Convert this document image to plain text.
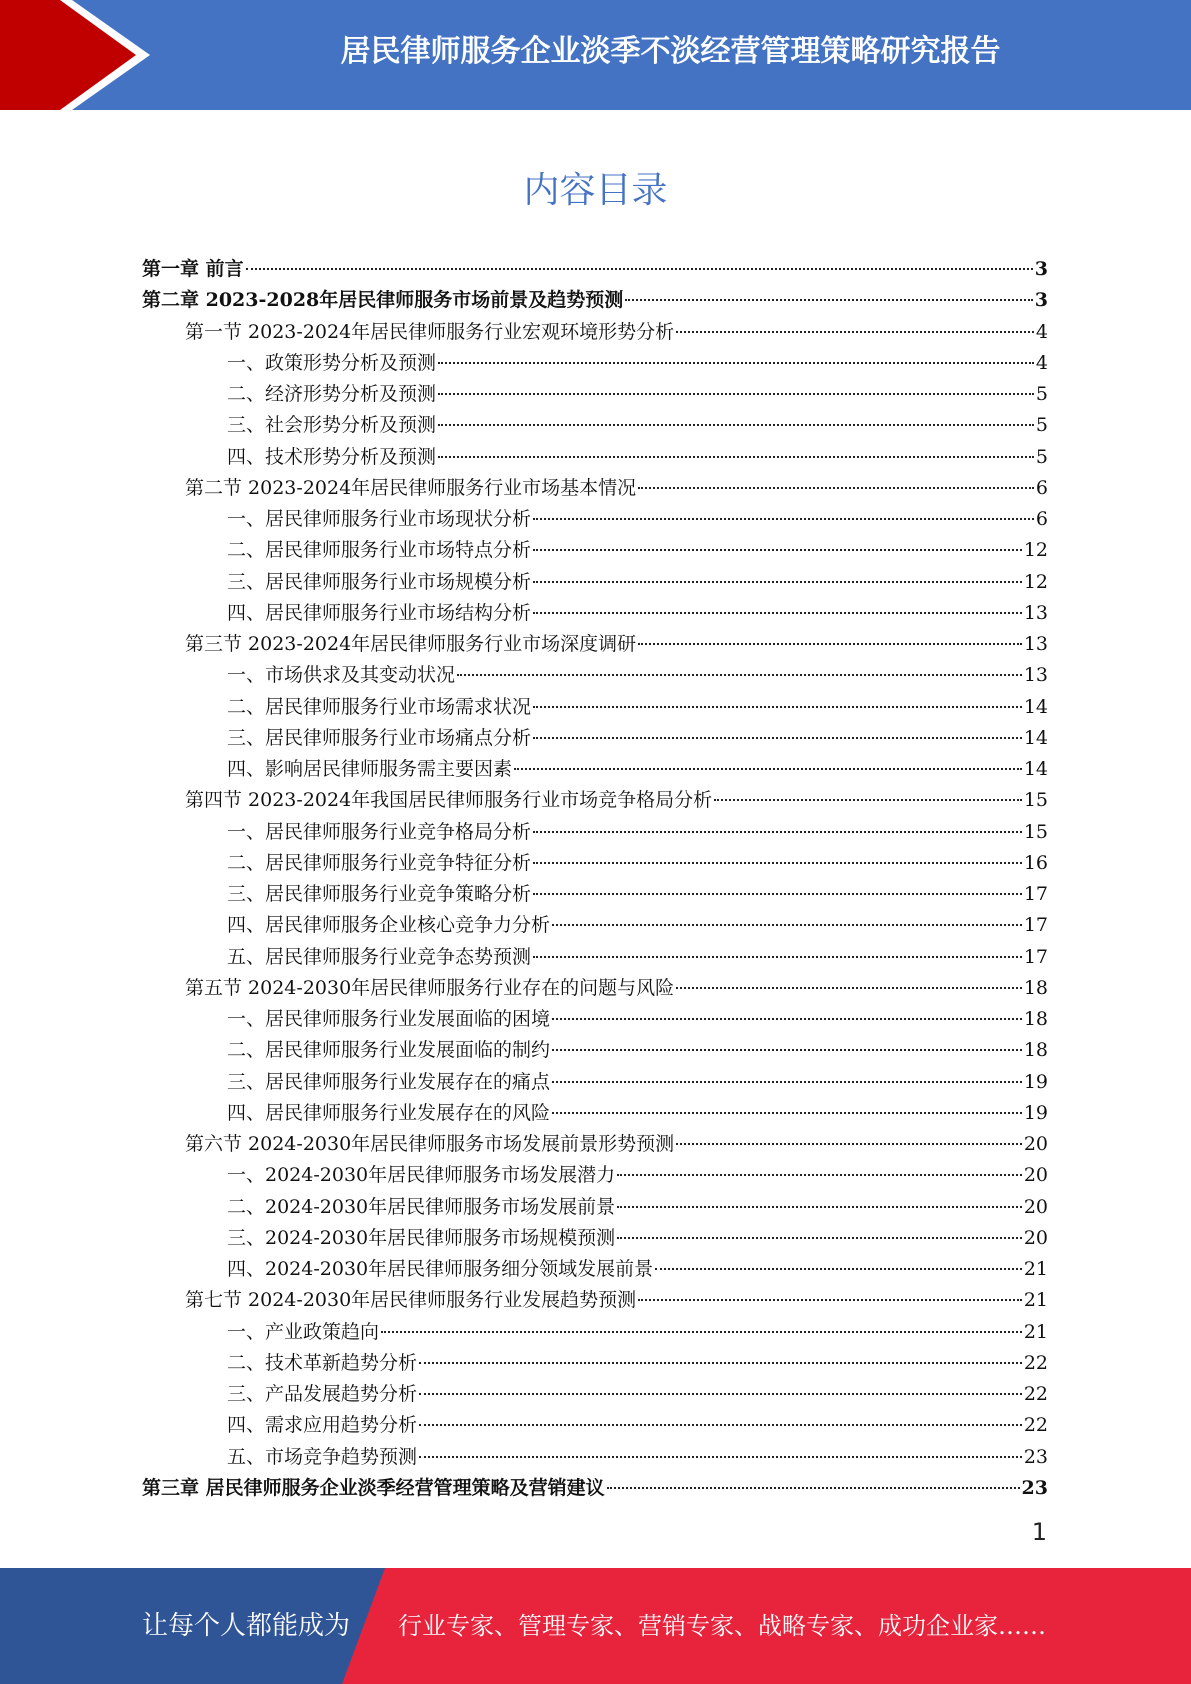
居民律师服务企业淡季不淡经营管理策略研究报告
内容目录
第一章 前言	3
第二章 2023-2028年居民律师服务市场前景及趋势预测	3
第一节 2023-2024年居民律师服务行业宏观环境形势分析	4
一、政策形势分析及预测	4
二、经济形势分析及预测	5
三、社会形势分析及预测	5
四、技术形势分析及预测	5
第二节 2023-2024年居民律师服务行业市场基本情况	6
一、居民律师服务行业市场现状分析	6
二、居民律师服务行业市场特点分析	12
三、居民律师服务行业市场规模分析	12
四、居民律师服务行业市场结构分析	13
第三节 2023-2024年居民律师服务行业市场深度调研	13
一、市场供求及其变动状况	13
二、居民律师服务行业市场需求状况	14
三、居民律师服务行业市场痛点分析	14
四、影响居民律师服务需主要因素	14
第四节 2023-2024年我国居民律师服务行业市场竞争格局分析	15
一、居民律师服务行业竞争格局分析	15
二、居民律师服务行业竞争特征分析	16
三、居民律师服务行业竞争策略分析	17
四、居民律师服务企业核心竞争力分析	17
五、居民律师服务行业竞争态势预测	17
第五节 2024-2030年居民律师服务行业存在的问题与风险	18
一、居民律师服务行业发展面临的困境	18
二、居民律师服务行业发展面临的制约	18
三、居民律师服务行业发展存在的痛点	19
四、居民律师服务行业发展存在的风险	19
第六节 2024-2030年居民律师服务市场发展前景形势预测	20
一、2024-2030年居民律师服务市场发展潜力	20
二、2024-2030年居民律师服务市场发展前景	20
三、2024-2030年居民律师服务市场规模预测	20
四、2024-2030年居民律师服务细分领域发展前景	21
第七节 2024-2030年居民律师服务行业发展趋势预测	21
一、产业政策趋向	21
二、技术革新趋势分析	22
三、产品发展趋势分析	22
四、需求应用趋势分析	22
五、市场竞争趋势预测	23
第三章 居民律师服务企业淡季经营管理策略及营销建议	23
1
让每个人都能成为 行业专家、管理专家、营销专家、战略专家、成功企业家……
